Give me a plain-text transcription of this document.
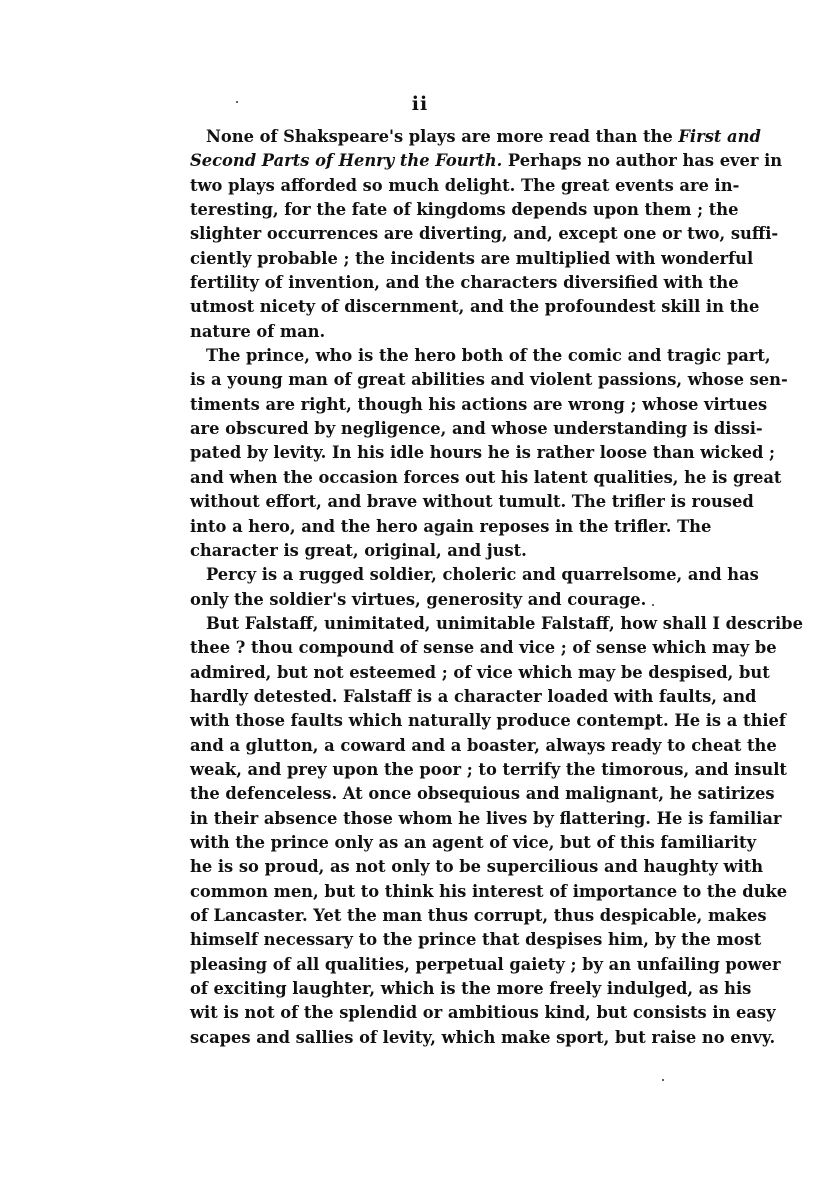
ii
None of Shakspeare's plays are more read than the First and
Second Parts of Henry the Fourth. Perhaps no author has ever in
two plays afforded so much delight. The great events are in-
teresting, for the fate of kingdoms depends upon them ; the
slighter occurrences are diverting, and, except one or two, suffi-
ciently probable ; the incidents are multiplied with wonderful
fertility of invention, and the characters diversified with the
utmost nicety of discernment, and the profoundest skill in the
nature of man.
The prince, who is the hero both of the comic and tragic part,
is a young man of great abilities and violent passions, whose sen-
timents are right, though his actions are wrong ; whose virtues
are obscured by negligence, and whose understanding is dissi-
pated by levity. In his idle hours he is rather loose than wicked ;
and when the occasion forces out his latent qualities, he is great
without effort, and brave without tumult. The trifler is roused
into a hero, and the hero again reposes in the trifler. The
character is great, original, and just.
Percy is a rugged soldier, choleric and quarrelsome, and has
only the soldier's virtues, generosity and courage.
But Falstaff, unimitated, unimitable Falstaff, how shall I describe
thee ? thou compound of sense and vice ; of sense which may be
admired, but not esteemed ; of vice which may be despised, but
hardly detested. Falstaff is a character loaded with faults, and
with those faults which naturally produce contempt. He is a thief
and a glutton, a coward and a boaster, always ready to cheat the
weak, and prey upon the poor ; to terrify the timorous, and insult
the defenceless. At once obsequious and malignant, he satirizes
in their absence those whom he lives by flattering. He is familiar
with the prince only as an agent of vice, but of this familiarity
he is so proud, as not only to be supercilious and haughty with
common men, but to think his interest of importance to the duke
of Lancaster. Yet the man thus corrupt, thus despicable, makes
himself necessary to the prince that despises him, by the most
pleasing of all qualities, perpetual gaiety ; by an unfailing power
of exciting laughter, which is the more freely indulged, as his
wit is not of the splendid or ambitious kind, but consists in easy
scapes and sallies of levity, which make sport, but raise no envy.
